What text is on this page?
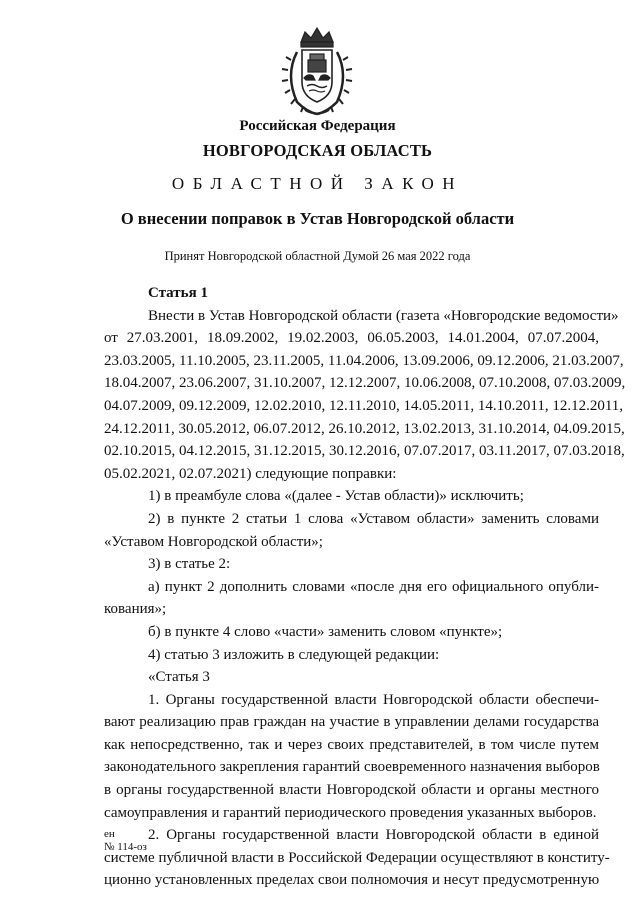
Российская Федерация
НОВГОРОДСКАЯ ОБЛАСТЬ
ОБЛАСТНОЙ ЗАКОН
О внесении поправок в Устав Новгородской области
Принят Новгородской областной Думой 26 мая 2022 года
Статья 1
Внести в Устав Новгородской области (газета «Новгородские ведомости»
от 27.03.2001, 18.09.2002, 19.02.2003, 06.05.2003, 14.01.2004, 07.07.2004,
23.03.2005, 11.10.2005, 23.11.2005, 11.04.2006, 13.09.2006, 09.12.2006, 21.03.2007,
18.04.2007, 23.06.2007, 31.10.2007, 12.12.2007, 10.06.2008, 07.10.2008, 07.03.2009,
04.07.2009, 09.12.2009, 12.02.2010, 12.11.2010, 14.05.2011, 14.10.2011, 12.12.2011,
24.12.2011, 30.05.2012, 06.07.2012, 26.10.2012, 13.02.2013, 31.10.2014, 04.09.2015,
02.10.2015, 04.12.2015, 31.12.2015, 30.12.2016, 07.07.2017, 03.11.2017, 07.03.2018,
05.02.2021, 02.07.2021) следующие поправки:
1) в преамбуле слова «(далее - Устав области)» исключить;
2) в пункте 2 статьи 1 слова «Уставом области» заменить словами
«Уставом Новгородской области»;
3) в статье 2:
а) пункт 2 дополнить словами «после дня его официального опубли-
кования»;
б) в пункте 4 слово «части» заменить словом «пункте»;
4) статью 3 изложить в следующей редакции:
«Статья 3
1. Органы государственной власти Новгородской области обеспечи-
вают реализацию прав граждан на участие в управлении делами государства
как непосредственно, так и через своих представителей, в том числе путем
законодательного закрепления гарантий своевременного назначения выборов
в органы государственной власти Новгородской области и органы местного
самоуправления и гарантий периодического проведения указанных выборов.
2. Органы государственной власти Новгородской области в единой
системе публичной власти в Российской Федерации осуществляют в конститу-
ционно установленных пределах свои полномочия и несут предусмотренную
ен
№ 114-оз
